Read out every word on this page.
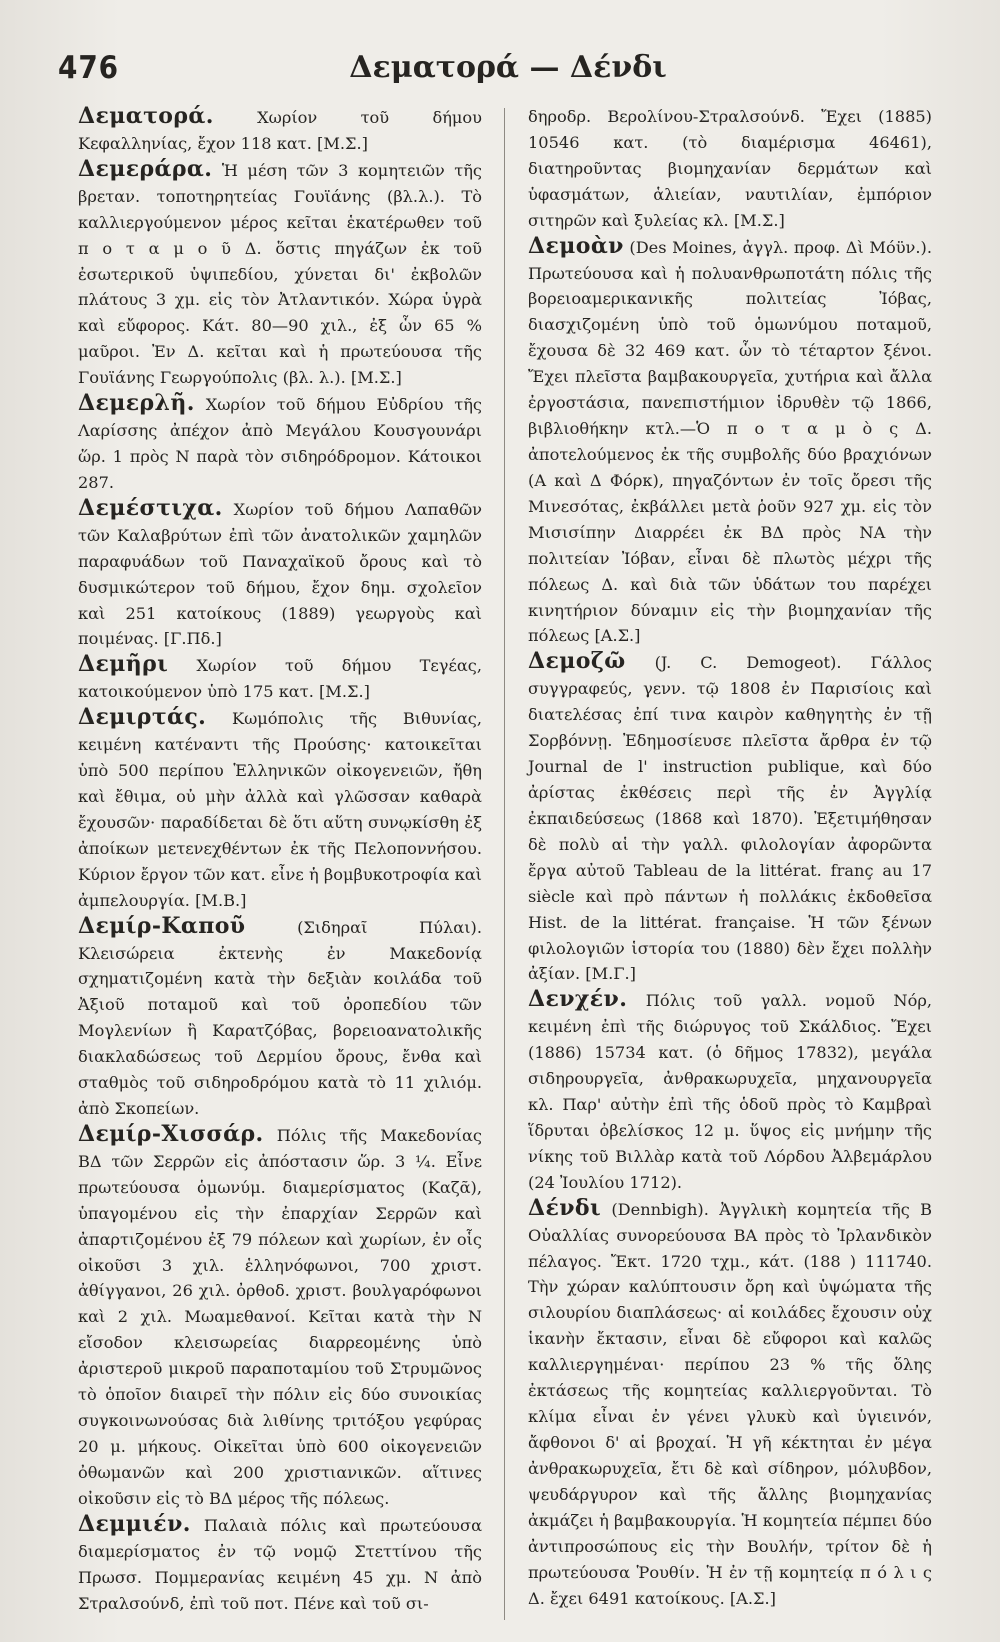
476	Δεματορά — Δένδι

Δεματορά. Χωρίον τοῦ δήμου Κεφαλληνίας, ἔχον 118 κατ. [Μ.Σ.]

Δεμεράρα. Ἡ μέση τῶν 3 κομητειῶν τῆς βρεταν. τοποτηρητείας Γουϊάνης (βλ.λ.). Τὸ καλλιεργούμενον μέρος κεῖται ἑκατέρωθεν τοῦ π ο τ α μ ο ῦ Δ. ὅστις πηγάζων ἐκ τοῦ ἐσωτερικοῦ ὑψιπεδίου, χύνεται δι' ἐκβολῶν πλάτους 3 χμ. εἰς τὸν Ἀτλαντικόν. Χώρα ὑγρὰ καὶ εὔφορος. Κάτ. 80—90 χιλ., ἐξ ὧν 65 % μαῦροι. Ἐν Δ. κεῖται καὶ ἡ πρωτεύουσα τῆς Γουϊάνης Γεωργούπολις (βλ. λ.). [Μ.Σ.]

Δεμερλῆ. Χωρίον τοῦ δήμου Εὐδρίου τῆς Λαρίσσης ἀπέχον ἀπὸ Μεγάλου Κουσγουνάρι ὥρ. 1 πρὸς Ν παρὰ τὸν σιδηρόδρομον. Κάτοικοι 287.

Δεμέστιχα. Χωρίον τοῦ δήμου Λαπαθῶν τῶν Καλαβρύτων ἐπὶ τῶν ἀνατολικῶν χαμηλῶν παραφυάδων τοῦ Παναχαϊκοῦ ὄρους καὶ τὸ δυσμικώτερον τοῦ δήμου, ἔχον δημ. σχολεῖον καὶ 251 κατοίκους (1889) γεωργοὺς καὶ ποιμένας. [Γ.Πδ.]

Δεμῆρι Χωρίον τοῦ δήμου Τεγέας, κατοικούμενον ὑπὸ 175 κατ. [Μ.Σ.]

Δεμιρτάς. Κωμόπολις τῆς Βιθυνίας, κειμένη κατέναντι τῆς Προύσης· κατοικεῖται ὑπὸ 500 περίπου Ἑλληνικῶν οἰκογενειῶν, ἤθη καὶ ἔθιμα, οὐ μὴν ἀλλὰ καὶ γλῶσσαν καθαρὰ ἔχουσῶν· παραδίδεται δὲ ὅτι αὕτη συνῳκίσθη ἐξ ἀποίκων μετενεχθέντων ἐκ τῆς Πελοποννήσου. Κύριον ἔργον τῶν κατ. εἶνε ἡ βομβυκοτροφία καὶ ἀμπελουργία. [Μ.Β.]

Δεμίρ-Καποῦ (Σιδηραῖ Πύλαι). Κλεισώρεια ἐκτενὴς ἐν Μακεδονίᾳ σχηματιζομένη κατὰ τὴν δεξιὰν κοιλάδα τοῦ Ἀξιοῦ ποταμοῦ καὶ τοῦ ὀροπεδίου τῶν Μογλενίων ἢ Καρατζόβας, βορειοανατολικῆς διακλαδώσεως τοῦ Δερμίου ὄρους, ἔνθα καὶ σταθμὸς τοῦ σιδηροδρόμου κατὰ τὸ 11 χιλιόμ. ἀπὸ Σκοπείων.

Δεμίρ-Χισσάρ. Πόλις τῆς Μακεδονίας ΒΔ τῶν Σερρῶν εἰς ἀπόστασιν ὥρ. 3 ¼. Εἶνε πρωτεύουσα ὁμωνύμ. διαμερίσματος (Καζᾶ), ὑπαγομένου εἰς τὴν ἐπαρχίαν Σερρῶν καὶ ἀπαρτιζομένου ἐξ 79 πόλεων καὶ χωρίων, ἐν οἷς οἰκοῦσι 3 χιλ. ἑλληνόφωνοι, 700 χριστ. ἀθίγγανοι, 26 χιλ. ὀρθοδ. χριστ. βουλγαρόφωνοι καὶ 2 χιλ. Μωαμεθανοί. Κεῖται κατὰ τὴν Ν εἴσοδον κλεισωρείας διαρρεομένης ὑπὸ ἀριστεροῦ μικροῦ παραποταμίου τοῦ Στρυμῶνος τὸ ὁποῖον διαιρεῖ τὴν πόλιν εἰς δύο συνοικίας συγκοινωνούσας διὰ λιθίνης τριτόξου γεφύρας 20 μ. μήκους. Οἰκεῖται ὑπὸ 600 οἰκογενειῶν ὀθωμανῶν καὶ 200 χριστιανικῶν. αἵτινες οἰκοῦσιν εἰς τὸ ΒΔ μέρος τῆς πόλεως.

Δεμμιέν. Παλαιὰ πόλις καὶ πρωτεύουσα διαμερίσματος ἐν τῷ νομῷ Στεττίνου τῆς Πρωσσ. Πομμερανίας κειμένη 45 χμ. Ν ἀπὸ Στραλσούνδ, ἐπὶ τοῦ ποτ. Πένε καὶ τοῦ σι-

δηροδρ. Βερολίνου-Στραλσούνδ. Ἔχει (1885) 10546 κατ. (τὸ διαμέρισμα 46461), διατηροῦντας βιομηχανίαν δερμάτων καὶ ὑφασμάτων, ἁλιείαν, ναυτιλίαν, ἐμπόριον σιτηρῶν καὶ ξυλείας κλ. [Μ.Σ.]

Δεμοὰν (Des Moines, ἀγγλ. προφ. Δὶ Μόϋν.). Πρωτεύουσα καὶ ἡ πολυανθρωποτάτη πόλις τῆς βορειοαμερικανικῆς πολιτείας Ἰόβας, διασχιζομένη ὑπὸ τοῦ ὁμωνύμου ποταμοῦ, ἔχουσα δὲ 32 469 κατ. ὧν τὸ τέταρτον ξένοι. Ἔχει πλεῖστα βαμβακουργεῖα, χυτήρια καὶ ἄλλα ἐργοστάσια, πανεπιστήμιον ἱδρυθὲν τῷ 1866, βιβλιοθήκην κτλ.—Ὁ π ο τ α μ ὸ ς Δ. ἀποτελούμενος ἐκ τῆς συμβολῆς δύο βραχιόνων (Α καὶ Δ Φόρκ), πηγαζόντων ἐν τοῖς ὄρεσι τῆς Μινεσότας, ἐκβάλλει μετὰ ῥοῦν 927 χμ. εἰς τὸν Μισισίπην Διαρρέει ἐκ ΒΔ πρὸς ΝΑ τὴν πολιτείαν Ἰόβαν, εἶναι δὲ πλωτὸς μέχρι τῆς πόλεως Δ. καὶ διὰ τῶν ὑδάτων του παρέχει κινητήριον δύναμιν εἰς τὴν βιομηχανίαν τῆς πόλεως [Α.Σ.]

Δεμοζῶ (J. C. Demogeot). Γάλλος συγγραφεύς, γενν. τῷ 1808 ἐν Παρισίοις καὶ διατελέσας ἐπί τινα καιρὸν καθηγητὴς ἐν τῇ Σορβόννῃ. Ἐδημοσίευσε πλεῖστα ἄρθρα ἐν τῷ Journal de l' instruction publique, καὶ δύο ἀρίστας ἐκθέσεις περὶ τῆς ἐν Ἀγγλίᾳ ἐκπαιδεύσεως (1868 καὶ 1870). Ἐξετιμήθησαν δὲ πολὺ αἱ τὴν γαλλ. φιλολογίαν ἀφορῶντα ἔργα αὐτοῦ Tableau de la littérat. franç au 17 siècle καὶ πρὸ πάντων ἡ πολλάκις ἐκδοθεῖσα Hist. de la littérat. française. Ἡ τῶν ξένων φιλολογιῶν ἱστορία του (1880) δὲν ἔχει πολλὴν ἀξίαν. [Μ.Γ.]

Δενχέν. Πόλις τοῦ γαλλ. νομοῦ Νόρ, κειμένη ἐπὶ τῆς διώρυγος τοῦ Σκάλδιος. Ἔχει (1886) 15734 κατ. (ὁ δῆμος 17832), μεγάλα σιδηρουργεῖα, ἀνθρακωρυχεῖα, μηχανουργεῖα κλ. Παρ' αὐτὴν ἐπὶ τῆς ὁδοῦ πρὸς τὸ Καμβραὶ ἵδρυται ὀβελίσκος 12 μ. ὕψος εἰς μνήμην τῆς νίκης τοῦ Βιλλὰρ κατὰ τοῦ Λόρδου Ἀλβεμάρλου (24 Ἰουλίου 1712).

Δένδι (Dennbigh). Ἀγγλικὴ κομητεία τῆς Β Οὐαλλίας συνορεύουσα ΒΑ πρὸς τὸ Ἰρλανδικὸν πέλαγος. Ἔκτ. 1720 τχμ., κάτ. (188 ) 111740. Τὴν χώραν καλύπτουσιν ὄρη καὶ ὑψώματα τῆς σιλουρίου διαπλάσεως· αἱ κοιλάδες ἔχουσιν οὐχ ἱκανὴν ἔκτασιν, εἶναι δὲ εὔφοροι καὶ καλῶς καλλιεργημέναι· περίπου 23 % τῆς ὅλης ἐκτάσεως τῆς κομητείας καλλιεργοῦνται. Τὸ κλίμα εἶναι ἐν γένει γλυκὺ καὶ ὑγιεινόν, ἄφθονοι δ' αἱ βροχαί. Ἡ γῆ κέκτηται ἐν μέγα ἀνθρακωρυχεῖα, ἔτι δὲ καὶ σίδηρον, μόλυβδον, ψευδάργυρον καὶ τῆς ἄλλης βιομηχανίας ἀκμάζει ἡ βαμβακουργία. Ἡ κομητεία πέμπει δύο ἀντιπροσώπους εἰς τὴν Βουλήν, τρίτον δὲ ἡ πρωτεύουσα Ῥουθίν. Ἡ ἐν τῇ κομητείᾳ π ό λ ι ς Δ. ἔχει 6491 κατοίκους. [Α.Σ.]
